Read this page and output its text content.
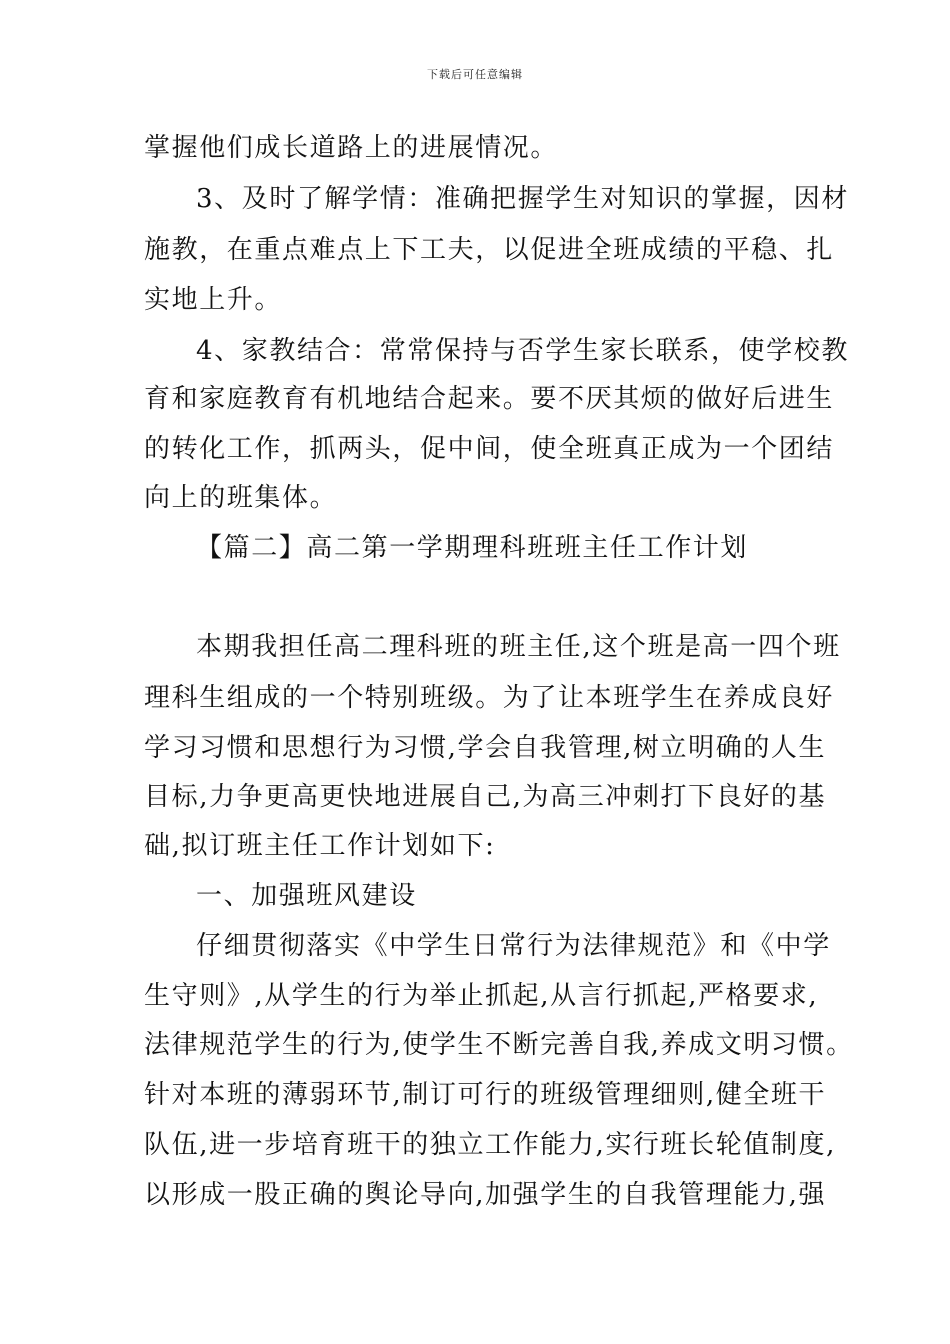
下载后可任意编辑
掌握他们成长道路上的进展情况。
3、及时了解学情：准确把握学生对知识的掌握，因材
施教，在重点难点上下工夫，以促进全班成绩的平稳、扎
实地上升。
4、家教结合：常常保持与否学生家长联系，使学校教
育和家庭教育有机地结合起来。要不厌其烦的做好后进生
的转化工作，抓两头，促中间，使全班真正成为一个团结
向上的班集体。
【篇二】高二第一学期理科班班主任工作计划
本期我担任高二理科班的班主任,这个班是高一四个班
理科生组成的一个特别班级。为了让本班学生在养成良好
学习习惯和思想行为习惯,学会自我管理,树立明确的人生
目标,力争更高更快地进展自己,为高三冲刺打下良好的基
础,拟订班主任工作计划如下:
一、加强班风建设
仔细贯彻落实《中学生日常行为法律规范》和《中学
生守则》,从学生的行为举止抓起,从言行抓起,严格要求,
法律规范学生的行为,使学生不断完善自我,养成文明习惯。
针对本班的薄弱环节,制订可行的班级管理细则,健全班干
队伍,进一步培育班干的独立工作能力,实行班长轮值制度,
以形成一股正确的舆论导向,加强学生的自我管理能力,强
